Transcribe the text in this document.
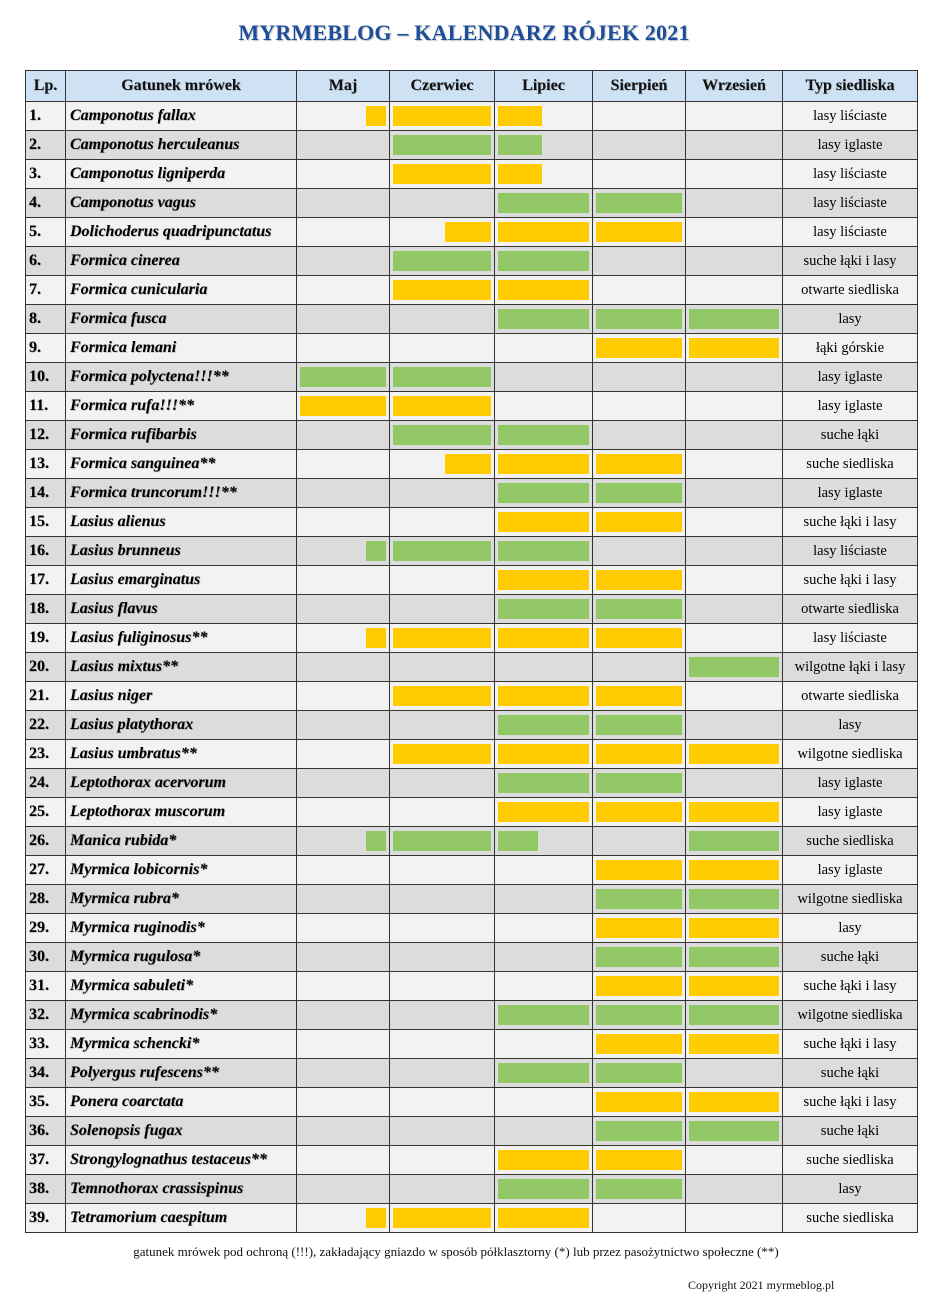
MYRMEBLOG – KALENDARZ RÓJEK 2021
Lp.	Gatunek mrówek	Maj	Czerwiec	Lipiec	Sierpień	Wrzesień	Typ siedliska
1.	Camponotus fallax						lasy liściaste
2.	Camponotus herculeanus						lasy iglaste
3.	Camponotus ligniperda						lasy liściaste
4.	Camponotus vagus						lasy liściaste
5.	Dolichoderus quadripunctatus						lasy liściaste
6.	Formica cinerea						suche łąki i lasy
7.	Formica cunicularia						otwarte siedliska
8.	Formica fusca						lasy
9.	Formica lemani						łąki górskie
10.	Formica polyctena!!!**						lasy iglaste
11.	Formica rufa!!!**						lasy iglaste
12.	Formica rufibarbis						suche łąki
13.	Formica sanguinea**						suche siedliska
14.	Formica truncorum!!!**						lasy iglaste
15.	Lasius alienus						suche łąki i lasy
16.	Lasius brunneus						lasy liściaste
17.	Lasius emarginatus						suche łąki i lasy
18.	Lasius flavus						otwarte siedliska
19.	Lasius fuliginosus**						lasy liściaste
20.	Lasius mixtus**						wilgotne łąki i lasy
21.	Lasius niger						otwarte siedliska
22.	Lasius platythorax						lasy
23.	Lasius umbratus**						wilgotne siedliska
24.	Leptothorax acervorum						lasy iglaste
25.	Leptothorax muscorum						lasy iglaste
26.	Manica rubida*						suche siedliska
27.	Myrmica lobicornis*						lasy iglaste
28.	Myrmica rubra*						wilgotne siedliska
29.	Myrmica ruginodis*						lasy
30.	Myrmica rugulosa*						suche łąki
31.	Myrmica sabuleti*						suche łąki i lasy
32.	Myrmica scabrinodis*						wilgotne siedliska
33.	Myrmica schencki*						suche łąki i lasy
34.	Polyergus rufescens**						suche łąki
35.	Ponera coarctata						suche łąki i lasy
36.	Solenopsis fugax						suche łąki
37.	Strongylognathus testaceus**						suche siedliska
38.	Temnothorax crassispinus						lasy
39.	Tetramorium caespitum						suche siedliska
gatunek mrówek pod ochroną (!!!), zakładający gniazdo w sposób półklasztorny (*) lub przez pasożytnictwo społeczne (**)
Copyright 2021 myrmeblog.pl
